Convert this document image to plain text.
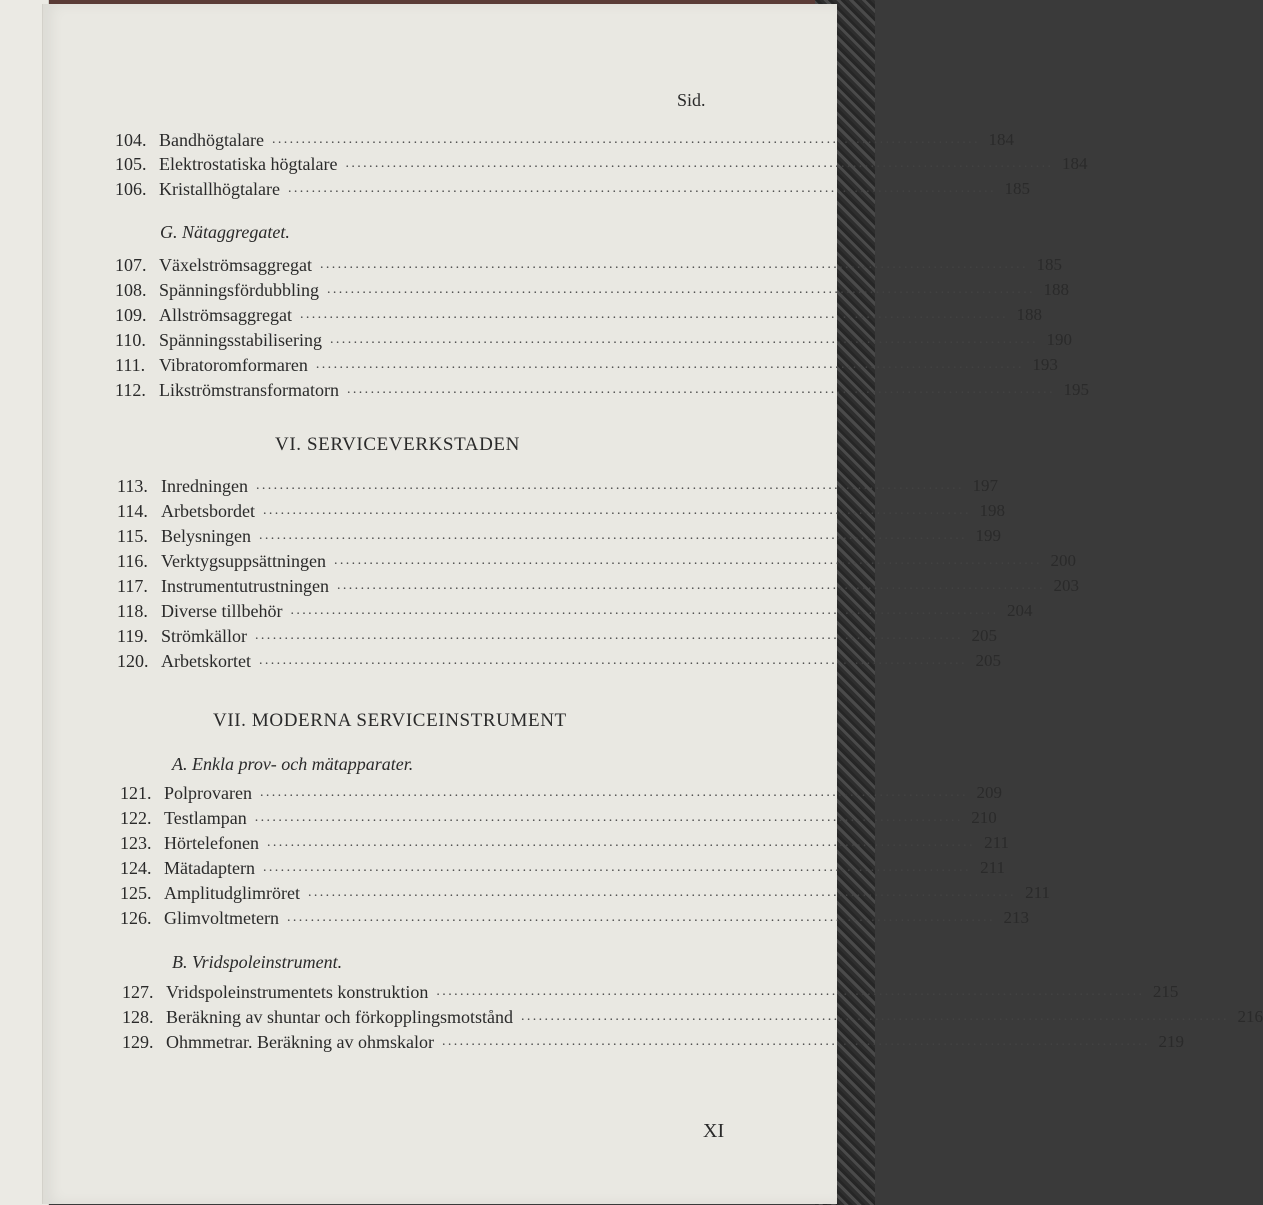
Sid.
104. Bandhögtalare ........................................................................................................................ 184
105. Elektrostatiska högtalare ........................................................................................................................ 184
106. Kristallhögtalare ........................................................................................................................ 185
G. Nätaggregatet.
107. Växelströmsaggregat ........................................................................................................................ 185
108. Spänningsfördubbling ........................................................................................................................ 188
109. Allströmsaggregat ........................................................................................................................ 188
110. Spänningsstabilisering ........................................................................................................................ 190
111. Vibratoromformaren ........................................................................................................................ 193
112. Likströmstransformatorn ........................................................................................................................ 195
VI. SERVICEVERKSTADEN
113. Inredningen ........................................................................................................................ 197
114. Arbetsbordet ........................................................................................................................ 198
115. Belysningen ........................................................................................................................ 199
116. Verktygsuppsättningen ........................................................................................................................ 200
117. Instrumentutrustningen ........................................................................................................................ 203
118. Diverse tillbehör ........................................................................................................................ 204
119. Strömkällor ........................................................................................................................ 205
120. Arbetskortet ........................................................................................................................ 205
VII. MODERNA SERVICEINSTRUMENT
A. Enkla prov- och mätapparater.
121. Polprovaren ........................................................................................................................ 209
122. Testlampan ........................................................................................................................ 210
123. Hörtelefonen ........................................................................................................................ 211
124. Mätadaptern ........................................................................................................................ 211
125. Amplitudglimröret ........................................................................................................................ 211
126. Glimvoltmetern ........................................................................................................................ 213
B. Vridspoleinstrument.
127. Vridspoleinstrumentets konstruktion ........................................................................................................................ 215
128. Beräkning av shuntar och förkopplingsmotstånd ........................................................................................................................ 216
129. Ohmmetrar. Beräkning av ohmskalor ........................................................................................................................ 219
XI
